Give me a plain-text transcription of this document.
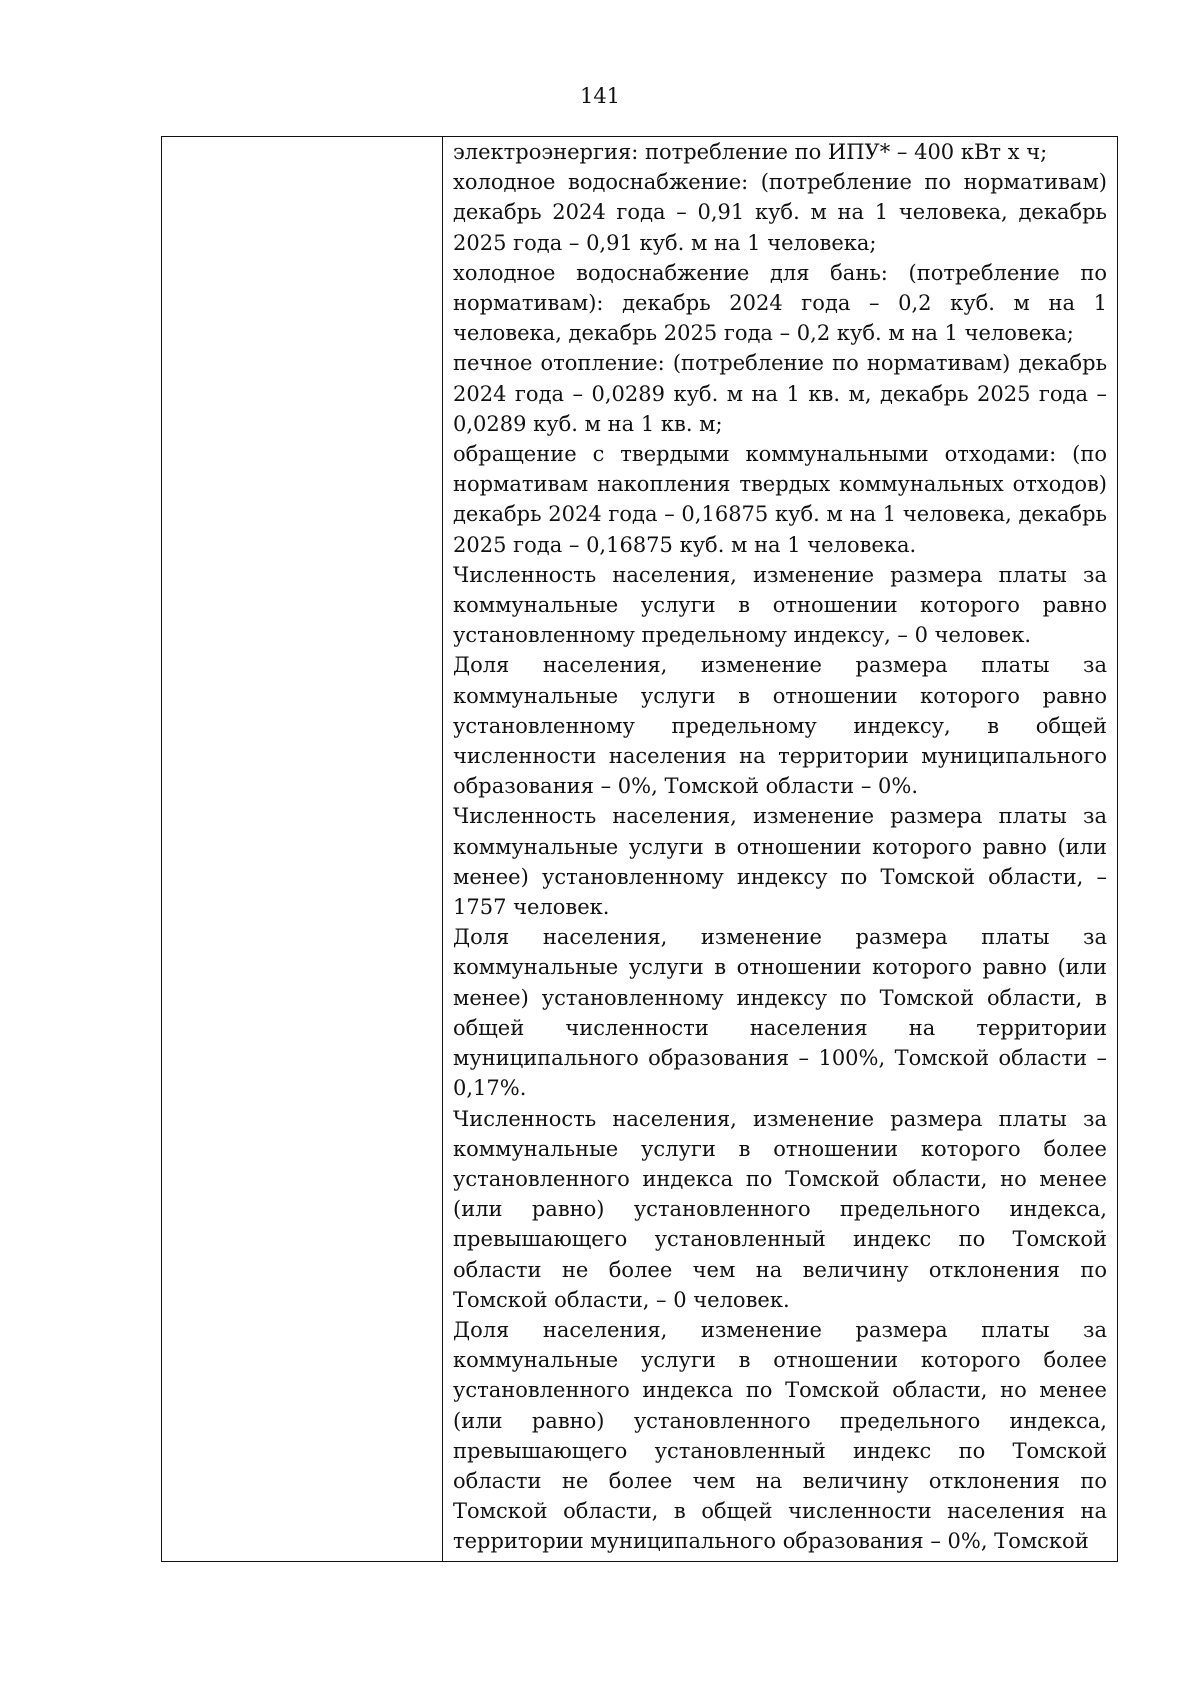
141

электроэнергия: потребление по ИПУ* – 400 кВт х ч;

холодное водоснабжение: (потребление по нормативам) декабрь 2024 года – 0,91 куб. м на 1 человека, декабрь 2025 года – 0,91 куб. м на 1 человека;

холодное водоснабжение для бань: (потребление по нормативам): декабрь 2024 года – 0,2 куб. м на 1 человека, декабрь 2025 года – 0,2 куб. м на 1 человека;

печное отопление: (потребление по нормативам) декабрь 2024 года – 0,0289 куб. м на 1 кв. м, декабрь 2025 года – 0,0289 куб. м на 1 кв. м;

обращение с твердыми коммунальными отходами: (по нормативам накопления твердых коммунальных отходов) декабрь 2024 года – 0,16875 куб. м на 1 человека, декабрь 2025 года – 0,16875 куб. м на 1 человека.

Численность населения, изменение размера платы за коммунальные услуги в отношении которого равно установленному предельному индексу, – 0 человек.

Доля населения, изменение размера платы за коммунальные услуги в отношении которого равно установленному предельному индексу, в общей численности населения на территории муниципального образования – 0%, Томской области – 0%.

Численность населения, изменение размера платы за коммунальные услуги в отношении которого равно (или менее) установленному индексу по Томской области, – 1757 человек.

Доля населения, изменение размера платы за коммунальные услуги в отношении которого равно (или менее) установленному индексу по Томской области, в общей численности населения на территории муниципального образования – 100%, Томской области – 0,17%.

Численность населения, изменение размера платы за коммунальные услуги в отношении которого более установленного индекса по Томской области, но менее (или равно) установленного предельного индекса, превышающего установленный индекс по Томской области не более чем на величину отклонения по Томской области, – 0 человек.

Доля населения, изменение размера платы за коммунальные услуги в отношении которого более установленного индекса по Томской области, но менее (или равно) установленного предельного индекса, превышающего установленный индекс по Томской области не более чем на величину отклонения по Томской области, в общей численности населения на территории муниципального образования – 0%, Томской
